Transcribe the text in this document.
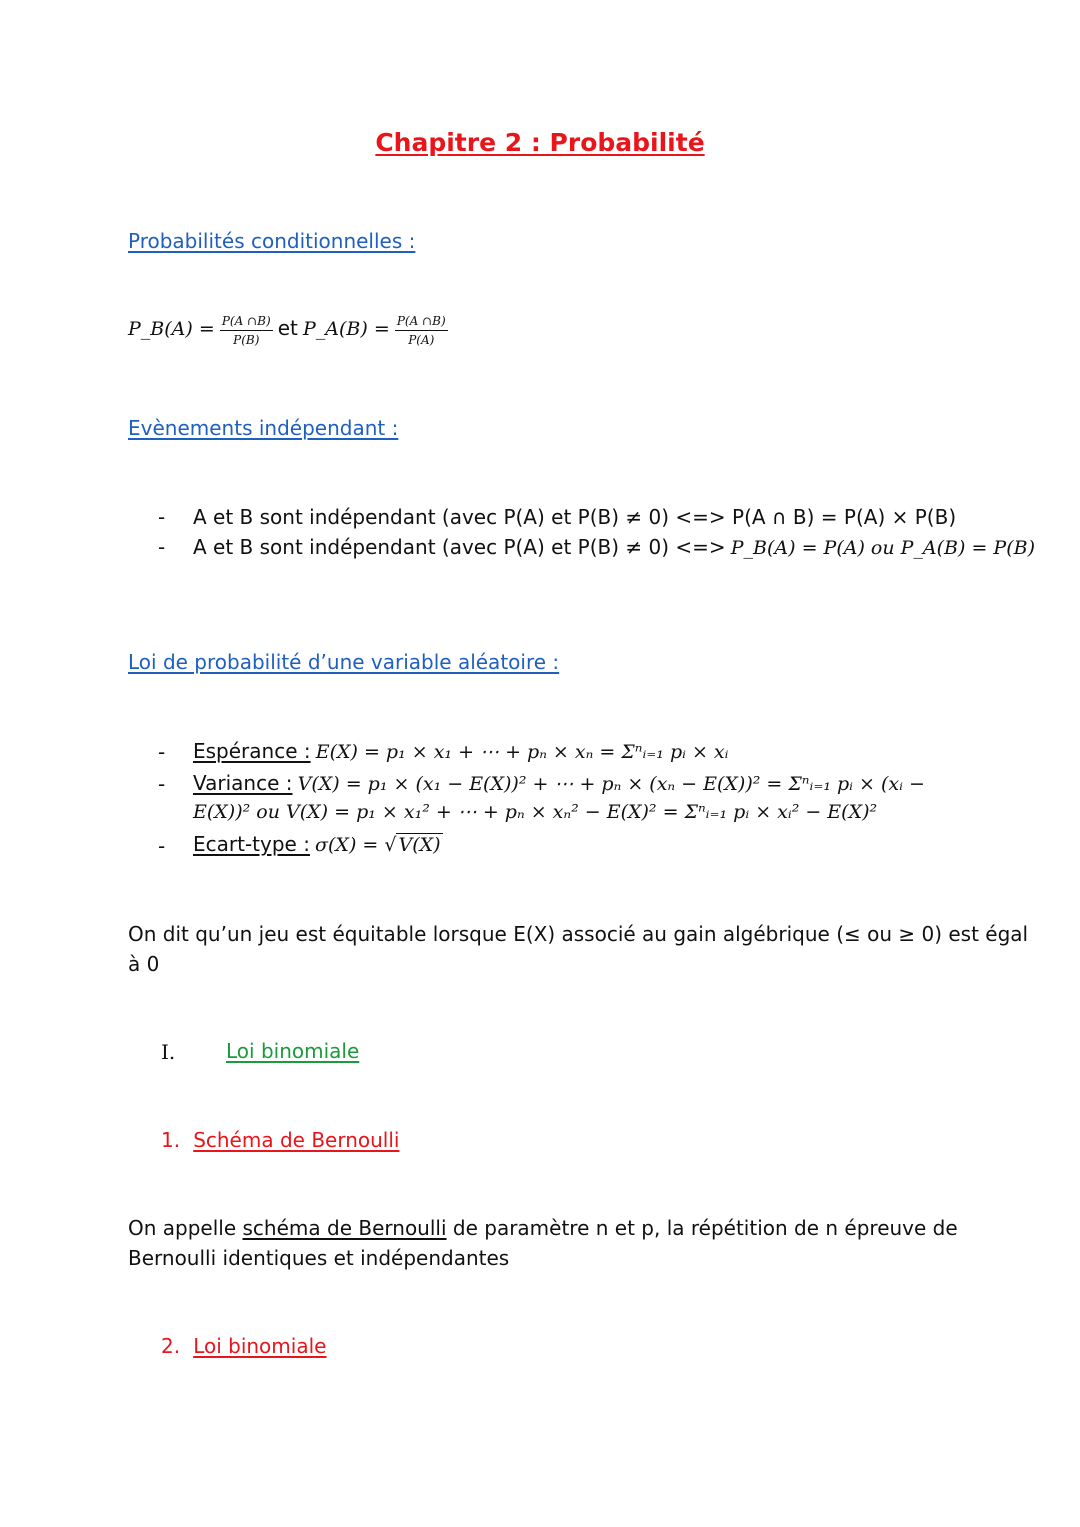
Chapitre 2 : Probabilité
Probabilités conditionnelles :
P_B(A) = $\frac{P(A \cap B)}{P(B)}$ et P_A(B) = $\frac{P(A \cap B)}{P(A)}$
Evènements indépendant :
- A et B sont indépendant (avec P(A) et P(B) ≠ 0) <=> P(A ∩ B) = P(A) × P(B)
- A et B sont indépendant (avec P(A) et P(B) ≠ 0) <=> P_B(A) = P(A) ou P_A(B) = P(B)
Loi de probabilité d’une variable aléatoire :
- Espérance : E(X) = p₁ × x₁ + ⋯ + pₙ × xₙ = Σⁿᵢ₌₁ pᵢ × xᵢ
- Variance : V(X) = p₁ × (x₁ − E(X))² + ⋯ + pₙ × (xₙ − E(X))² = Σⁿᵢ₌₁ pᵢ × (xᵢ −
E(X))² ou V(X) = p₁ × x₁² + ⋯ + pₙ × xₙ² − E(X)² = Σⁿᵢ₌₁ pᵢ × xᵢ² − E(X)²
- Ecart-type : σ(X) = √ V(X)
On dit qu’un jeu est équitable lorsque E(X) associé au gain algébrique (≤ ou ≥ 0) est égal
à 0
I.	Loi binomiale
1. Schéma de Bernoulli
On appelle schéma de Bernoulli de paramètre n et p, la répétition de n épreuve de
Bernoulli identiques et indépendantes
2. Loi binomiale
